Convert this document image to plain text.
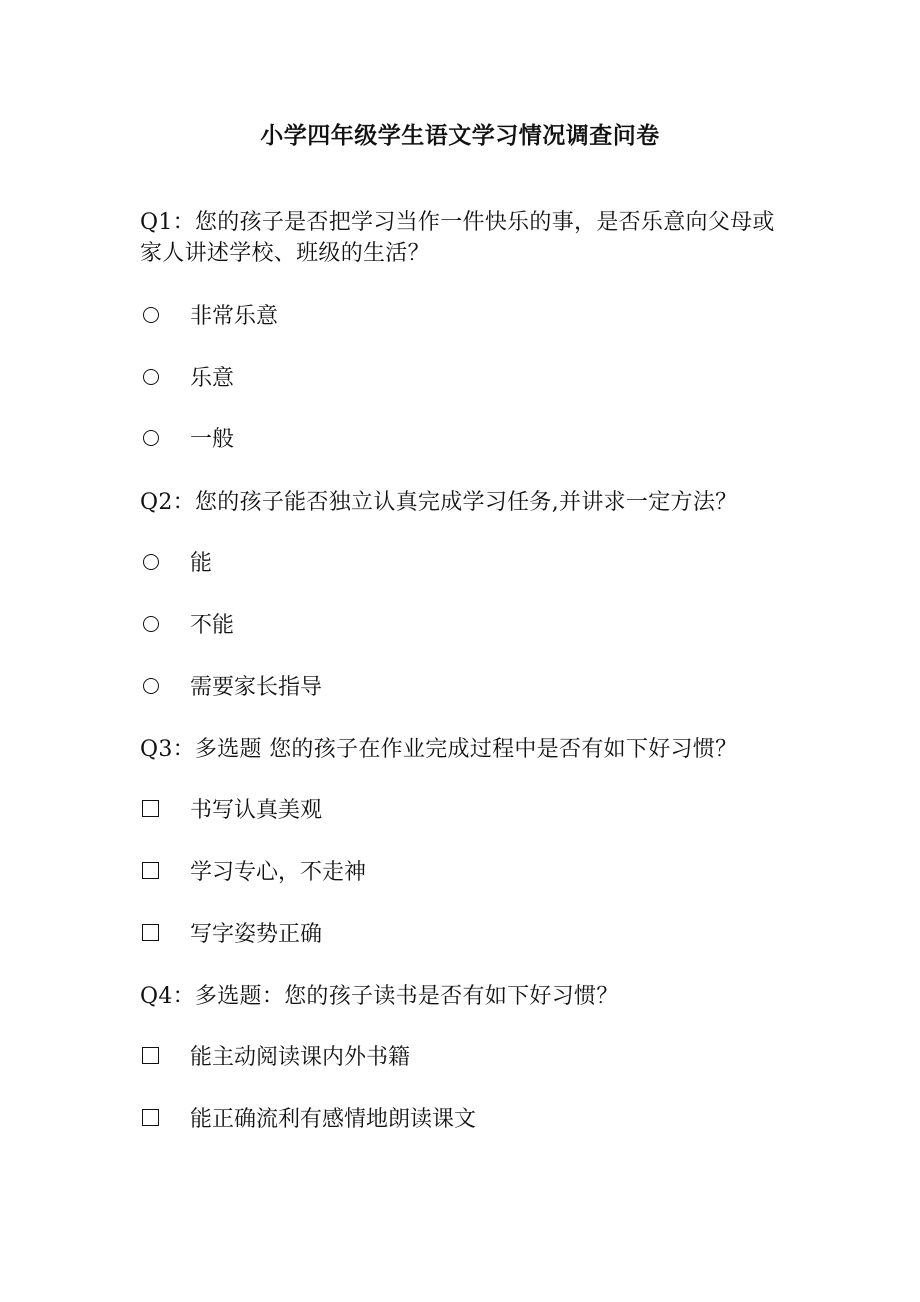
小学四年级学生语文学习情况调查问卷
Q1：您的孩子是否把学习当作一件快乐的事，是否乐意向父母或家人讲述学校、班级的生活？
非常乐意
乐意
一般
Q2：您的孩子能否独立认真完成学习任务,并讲求一定方法？
能
不能
需要家长指导
Q3：多选题 您的孩子在作业完成过程中是否有如下好习惯？
书写认真美观
学习专心，不走神
写字姿势正确
Q4：多选题：您的孩子读书是否有如下好习惯？
能主动阅读课内外书籍
能正确流利有感情地朗读课文
